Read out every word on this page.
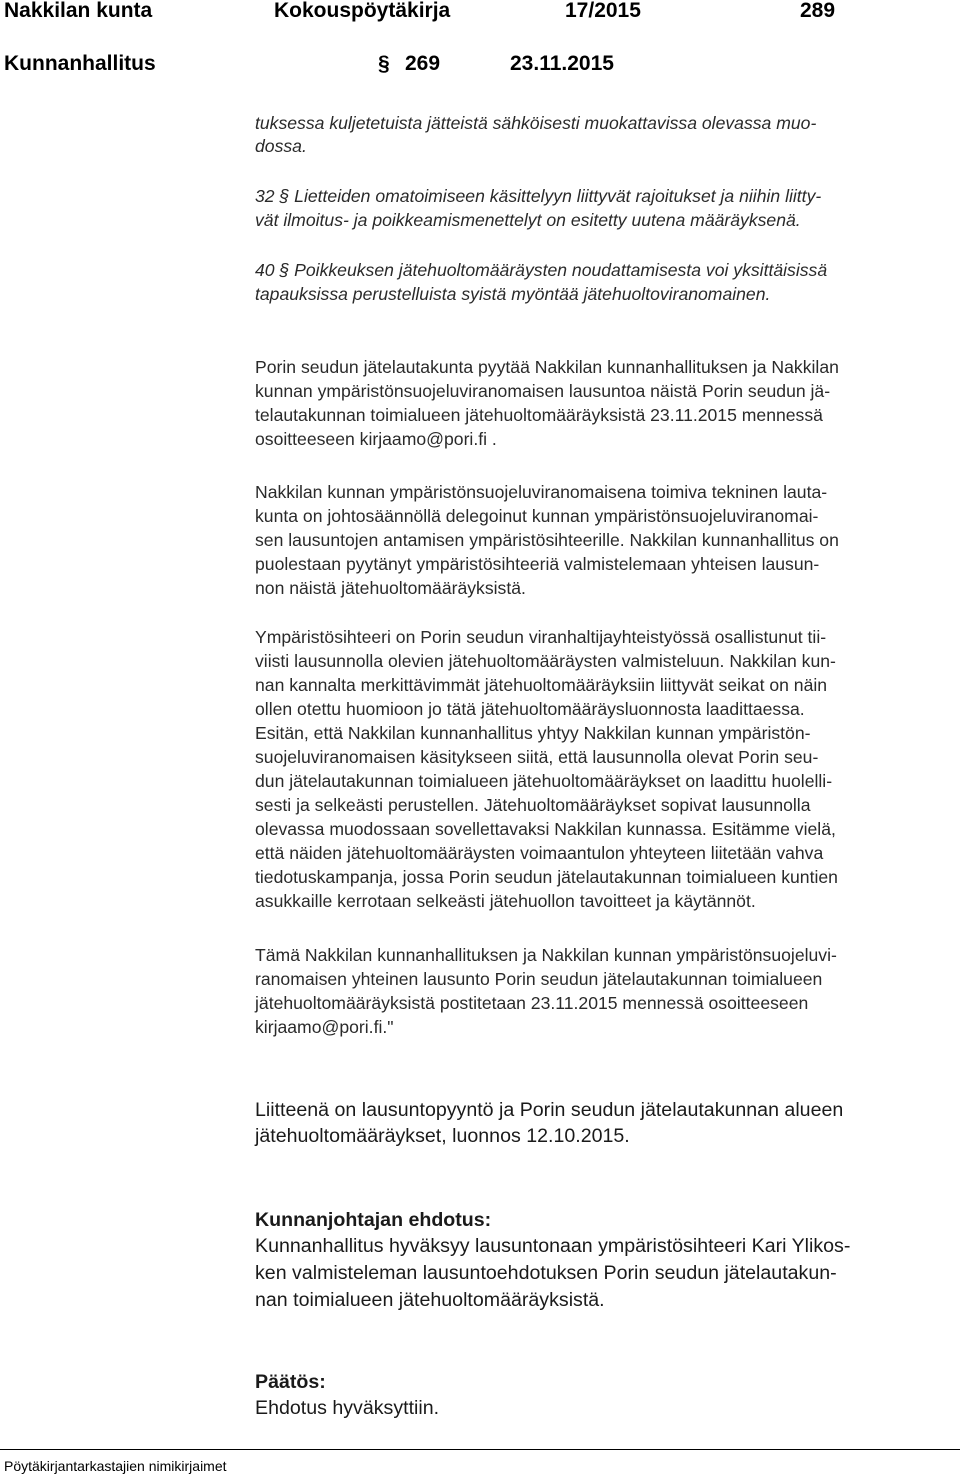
Nakkilan kunta	Kokouspöytäkirja	17/2015	289
Kunnanhallitus	§ 269	23.11.2015
tuksessa kuljetetuista jätteistä sähköisesti muokattavissa olevassa muo-
dossa.
32 § Lietteiden omatoimiseen käsittelyyn liittyvät rajoitukset ja niihin liitty-
vät ilmoitus- ja poikkeamismenettelyt on esitetty uutena määräyksenä.
40 § Poikkeuksen jätehuoltomääräysten noudattamisesta voi yksittäisissä
tapauksissa perustelluista syistä myöntää jätehuoltoviranomainen.
Porin seudun jätelautakunta pyytää Nakkilan kunnanhallituksen ja Nakkilan
kunnan ympäristönsuojeluviranomaisen lausuntoa näistä Porin seudun jä-
telautakunnan toimialueen jätehuoltomääräyksistä 23.11.2015 mennessä
osoitteeseen kirjaamo@pori.fi .
Nakkilan kunnan ympäristönsuojeluviranomaisena toimiva tekninen lauta-
kunta on johtosäännöllä delegoinut kunnan ympäristönsuojeluviranomai-
sen lausuntojen antamisen ympäristösihteerille. Nakkilan kunnanhallitus on
puolestaan pyytänyt ympäristösihteeriä valmistelemaan yhteisen lausun-
non näistä jätehuoltomääräyksistä.
Ympäristösihteeri on Porin seudun viranhaltijayhteistyössä osallistunut tii-
viisti lausunnolla olevien jätehuoltomääräysten valmisteluun. Nakkilan kun-
nan kannalta merkittävimmät jätehuoltomääräyksiin liittyvät seikat on näin
ollen otettu huomioon jo tätä jätehuoltomääräysluonnosta laadittaessa.
Esitän, että Nakkilan kunnanhallitus yhtyy Nakkilan kunnan ympäristön-
suojeluviranomaisen käsitykseen siitä, että lausunnolla olevat Porin seu-
dun jätelautakunnan toimialueen jätehuoltomääräykset on laadittu huolelli-
sesti ja selkeästi perustellen. Jätehuoltomääräykset sopivat lausunnolla
olevassa muodossaan sovellettavaksi Nakkilan kunnassa. Esitämme vielä,
että näiden jätehuoltomääräysten voimaantulon yhteyteen liitetään vahva
tiedotuskampanja, jossa Porin seudun jätelautakunnan toimialueen kuntien
asukkaille kerrotaan selkeästi jätehuollon tavoitteet ja käytännöt.
Tämä Nakkilan kunnanhallituksen ja Nakkilan kunnan ympäristönsuojeluvi-
ranomaisen yhteinen lausunto Porin seudun jätelautakunnan toimialueen
jätehuoltomääräyksistä postitetaan 23.11.2015 mennessä osoitteeseen
kirjaamo@pori.fi."
Liitteenä on lausuntopyyntö ja Porin seudun jätelautakunnan alueen
jätehuoltomääräykset, luonnos 12.10.2015.
Kunnanjohtajan ehdotus:
Kunnanhallitus hyväksyy lausuntonaan ympäristösihteeri Kari Ylikos-
ken valmisteleman lausuntoehdotuksen Porin seudun jätelautakun-
nan toimialueen jätehuoltomääräyksistä.
Päätös:
Ehdotus hyväksyttiin.
Pöytäkirjantarkastajien nimikirjaimet
